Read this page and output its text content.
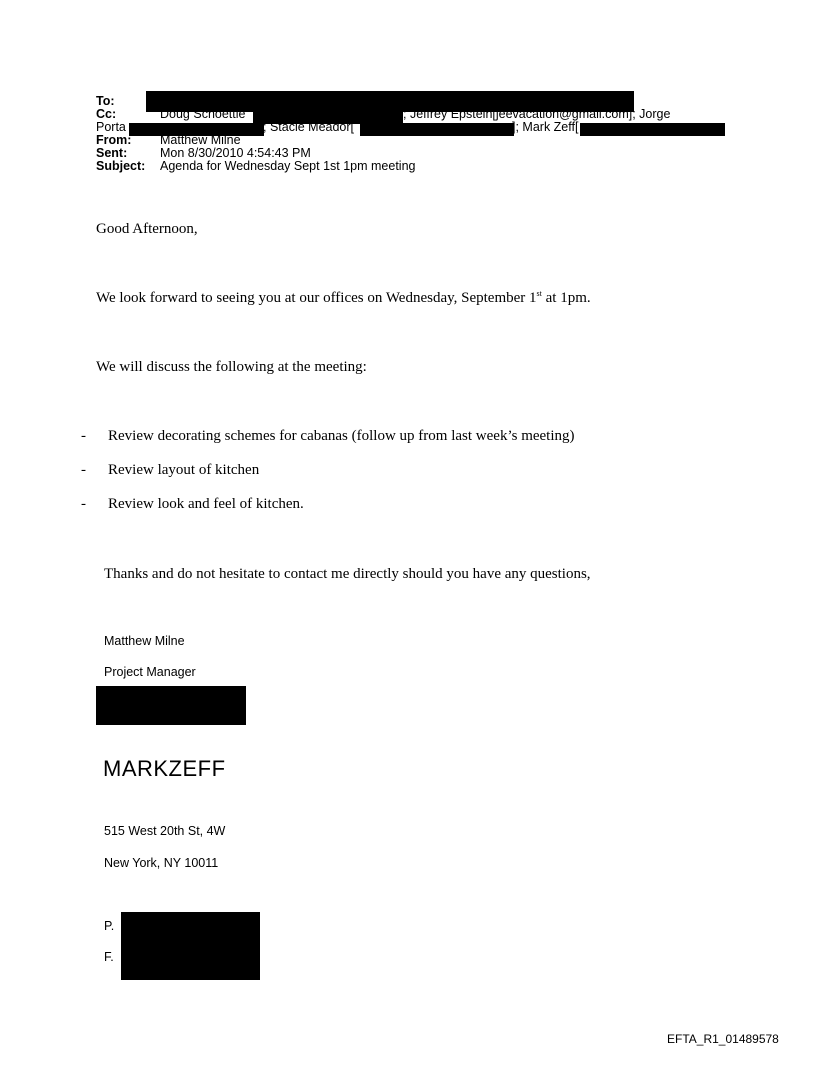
To:
Cc:	Doug Schoettle	; Jeffrey Epstein[jeevacation@gmail.com]; Jorge
Porta	; Stacie Meador[	]; Mark Zeff[
From: Matthew Milne
Sent:	Mon 8/30/2010 4:54:43 PM
Subject: Agenda for Wednesday Sept 1st 1pm meeting
Good Afternoon,
We look forward to seeing you at our offices on Wednesday, September 1st at 1pm.
We will discuss the following at the meeting:
- Review decorating schemes for cabanas (follow up from last week’s meeting)
- Review layout of kitchen
- Review look and feel of kitchen.
Thanks and do not hesitate to contact me directly should you have any questions,
Matthew Milne
Project Manager
MARKZEFF
515 West 20th St, 4W
New York, NY 10011
P.
F.
EFTA_R1_01489578
